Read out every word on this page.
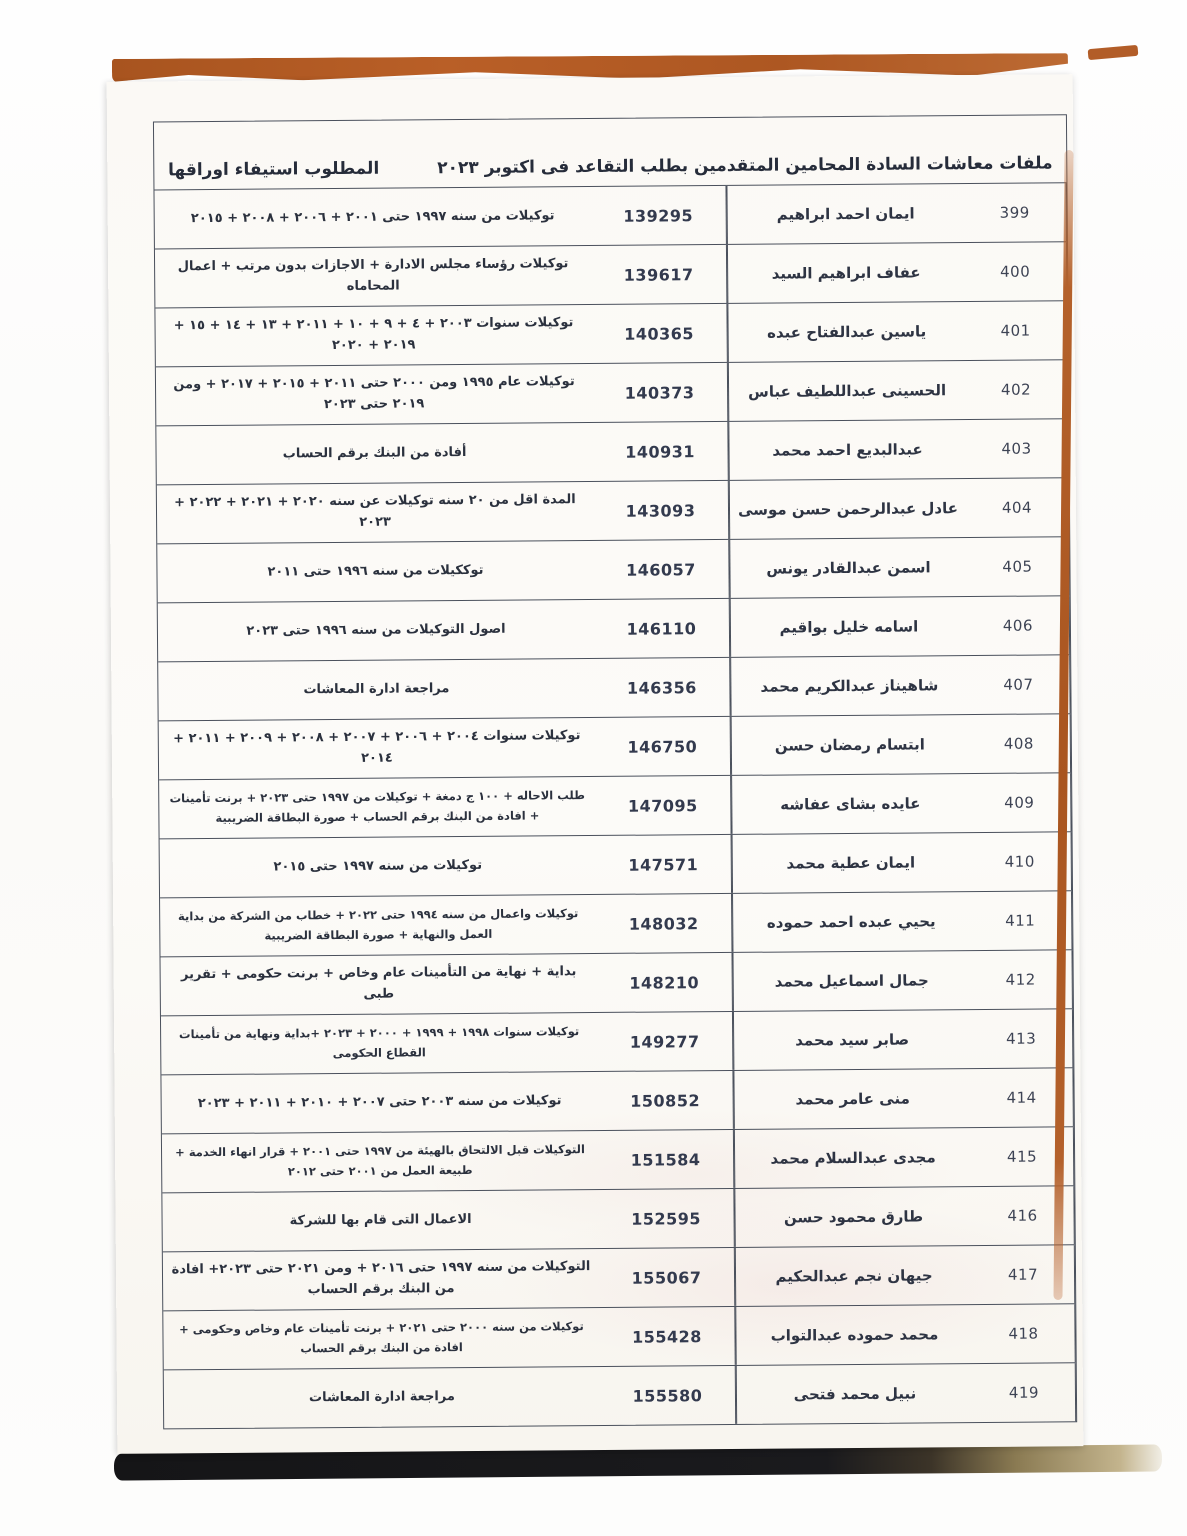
ملفات معاشات السادة المحامين المتقدمين بطلب التقاعد فى اكتوبر ٢٠٢٣
المطلوب استيفاء اوراقها
399
ايمان احمد ابراهيم
139295
توكيلات من سنه ١٩٩٧ حتى ٢٠٠١ + ٢٠٠٦ + ٢٠٠٨ + ٢٠١٥
400
عفاف ابراهيم السيد
139617
توكيلات رؤساء مجلس الادارة + الاجازات بدون مرتب + اعمال المحاماه
401
ياسين عبدالفتاح عبده
140365
توكيلات سنوات ٢٠٠٣ + ٤ + ٩ + ١٠ + ٢٠١١ + ١٣ + ١٤ + ١٥ + ٢٠١٩ + ٢٠٢٠
402
الحسينى عبداللطيف عباس
140373
توكيلات عام ١٩٩٥ ومن ٢٠٠٠ حتى ٢٠١١ + ٢٠١٥ + ٢٠١٧ + ومن ٢٠١٩ حتى ٢٠٢٣
403
عبدالبديع احمد محمد
140931
أفادة من البنك برقم الحساب
404
عادل عبدالرحمن حسن موسى
143093
المدة اقل من ٢٠ سنه توكيلات عن سنه ٢٠٢٠ + ٢٠٢١ + ٢٠٢٢ + ٢٠٢٣
405
اسمن عبدالقادر يونس
146057
توككيلات من سنه ١٩٩٦ حتى ٢٠١١
406
اسامه خليل بواقيم
146110
اصول التوكيلات من سنه ١٩٩٦ حتى ٢٠٢٣
407
شاهيناز عبدالكريم محمد
146356
مراجعة ادارة المعاشات
408
ابتسام رمضان حسن
146750
توكيلات سنوات ٢٠٠٤ + ٢٠٠٦ + ٢٠٠٧ + ٢٠٠٨ + ٢٠٠٩ + ٢٠١١ + ٢٠١٤
409
عايده بشاى عفاشه
147095
طلب الاحاله + ١٠٠ ج دمغة + توكيلات من ١٩٩٧ حتى ٢٠٢٣ + برنت تأمينات + افادة من البنك برقم الحساب + صورة البطاقة الضريبية
410
ايمان عطية محمد
147571
توكيلات من سنه ١٩٩٧ حتى ٢٠١٥
411
يحيي عبده احمد حموده
148032
توكيلات واعمال من سنه ١٩٩٤ حتى ٢٠٢٢ + خطاب من الشركة من بداية العمل والنهاية + صورة البطاقة الضريبية
412
جمال اسماعيل محمد
148210
بداية + نهاية من التأمينات عام وخاص + برنت حكومى + تقرير طبى
413
صابر سيد محمد
149277
توكيلات سنوات ١٩٩٨ + ١٩٩٩ + ٢٠٠٠ + ٢٠٢٣ +بداية ونهاية من تأمينات القطاع الحكومى
414
منى عامر محمد
150852
توكيلات من سنه ٢٠٠٣ حتى ٢٠٠٧ + ٢٠١٠ + ٢٠١١ + ٢٠٢٣
415
مجدى عبدالسلام محمد
151584
التوكيلات قبل الالتحاق بالهيئة من ١٩٩٧ حتى ٢٠٠١ + قرار انهاء الخدمة + طبيعة العمل من ٢٠٠١ حتى ٢٠١٢
416
طارق محمود حسن
152595
الاعمال التى قام بها للشركة
417
جيهان نجم عبدالحكيم
155067
التوكيلات من سنه ١٩٩٧ حتى ٢٠١٦ + ومن ٢٠٢١ حتى ٢٠٢٣+ افادة من البنك برقم الحساب
418
محمد حموده عبدالتواب
155428
توكيلات من سنه ٢٠٠٠ حتى ٢٠٢١ + برنت تأمينات عام وخاص وحكومى + افادة من البنك برقم الحساب
419
نبيل محمد فتحى
155580
مراجعة ادارة المعاشات
